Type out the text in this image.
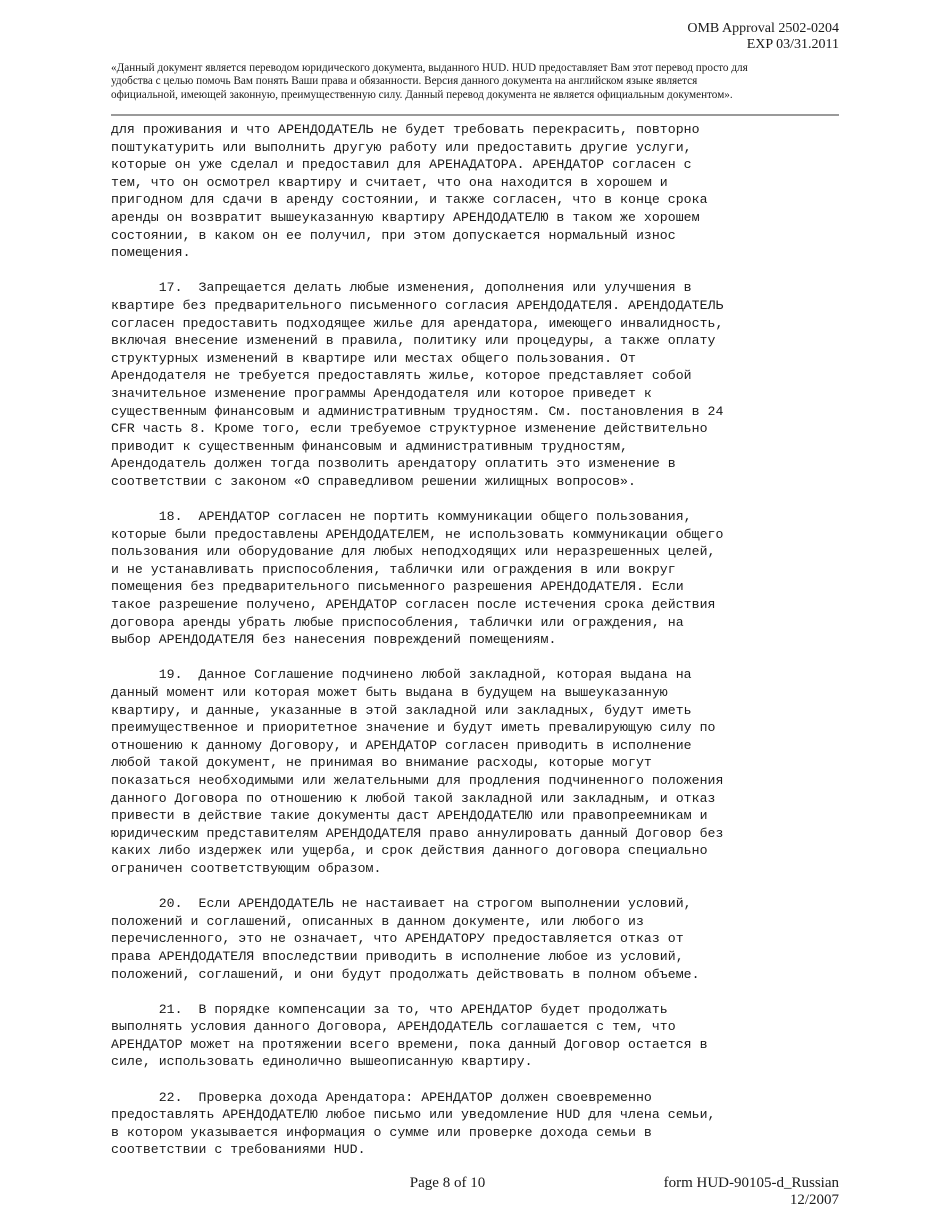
OMB Approval 2502-0204
EXP 03/31.2011
«Данный документ является переводом юридического документа, выданного HUD. HUD предоставляет Вам этот перевод просто для
удобства с целью помочь Вам понять Ваши права и обязанности. Версия данного документа на английском языке является
официальной, имеющей законную, преимущественную силу. Данный перевод документа не является официальным документом».
для проживания и что АРЕНДОДАТЕЛЬ не будет требовать перекрасить, повторно
поштукатурить или выполнить другую работу или предоставить другие услуги,
которые он уже сделал и предоставил для АРЕНАДАТОРА. АРЕНДАТОР согласен с
тем, что он осмотрел квартиру и считает, что она находится в хорошем и
пригодном для сдачи в аренду состоянии, и также согласен, что в конце срока
аренды он возвратит вышеуказанную квартиру АРЕНДОДАТЕЛЮ в таком же хорошем
состоянии, в каком он ее получил, при этом допускается нормальный износ
помещения.
17.  Запрещается делать любые изменения, дополнения или улучшения в
квартире без предварительного письменного согласия АРЕНДОДАТЕЛЯ. АРЕНДОДАТЕЛЬ
согласен предоставить подходящее жилье для арендатора, имеющего инвалидность,
включая внесение изменений в правила, политику или процедуры, а также оплату
структурных изменений в квартире или местах общего пользования. От
Арендодателя не требуется предоставлять жилье, которое представляет собой
значительное изменение программы Арендодателя или которое приведет к
существенным финансовым и административным трудностям. См. постановления в 24
CFR часть 8. Кроме того, если требуемое структурное изменение действительно
приводит к существенным финансовым и административным трудностям,
Арендодатель должен тогда позволить арендатору оплатить это изменение в
соответствии с законом «О справедливом решении жилищных вопросов».
18.  АРЕНДАТОР согласен не портить коммуникации общего пользования,
которые были предоставлены АРЕНДОДАТЕЛЕМ, не использовать коммуникации общего
пользования или оборудование для любых неподходящих или неразрешенных целей,
и не устанавливать приспособления, таблички или ограждения в или вокруг
помещения без предварительного письменного разрешения АРЕНДОДАТЕЛЯ. Если
такое разрешение получено, АРЕНДАТОР согласен после истечения срока действия
договора аренды убрать любые приспособления, таблички или ограждения, на
выбор АРЕНДОДАТЕЛЯ без нанесения повреждений помещениям.
19.  Данное Соглашение подчинено любой закладной, которая выдана на
данный момент или которая может быть выдана в будущем на вышеуказанную
квартиру, и данные, указанные в этой закладной или закладных, будут иметь
преимущественное и приоритетное значение и будут иметь превалирующую силу по
отношению к данному Договору, и АРЕНДАТОР согласен приводить в исполнение
любой такой документ, не принимая во внимание расходы, которые могут
показаться необходимыми или желательными для продления подчиненного положения
данного Договора по отношению к любой такой закладной или закладным, и отказ
привести в действие такие документы даст АРЕНДОДАТЕЛЮ или правопреемникам и
юридическим представителям АРЕНДОДАТЕЛЯ право аннулировать данный Договор без
каких либо издержек или ущерба, и срок действия данного договора специально
ограничен соответствующим образом.
20.  Если АРЕНДОДАТЕЛЬ не настаивает на строгом выполнении условий,
положений и соглашений, описанных в данном документе, или любого из
перечисленного, это не означает, что АРЕНДАТОРУ предоставляется отказ от
права АРЕНДОДАТЕЛЯ впоследствии приводить в исполнение любое из условий,
положений, соглашений, и они будут продолжать действовать в полном объеме.
21.  В порядке компенсации за то, что АРЕНДАТОР будет продолжать
выполнять условия данного Договора, АРЕНДОДАТЕЛЬ соглашается с тем, что
АРЕНДАТОР может на протяжении всего времени, пока данный Договор остается в
силе, использовать единолично вышеописанную квартиру.
22.  Проверка дохода Арендатора: АРЕНДАТОР должен своевременно
предоставлять АРЕНДОДАТЕЛЮ любое письмо или уведомление HUD для члена семьи,
в котором указывается информация о сумме или проверке дохода семьи в
соответствии с требованиями HUD.
Page 8 of 10	form HUD-90105-d_Russian
12/2007
